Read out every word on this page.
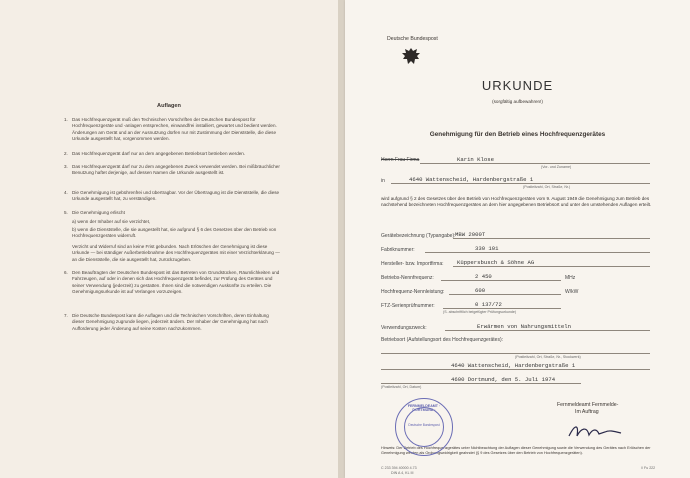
Auflagen
1. Das Hochfrequenzgerät muß den Technischen Vorschriften der Deutschen Bundespost für Hochfrequenzgeräte und -anlagen entsprechen, einwandfrei installiert, gewartet und bedient werden. Änderungen am Gerät und an der Ausnutzung dürfen nur mit Zustimmung der Dienststelle, die diese Urkunde ausgestellt hat, vorgenommen werden.
2. Das Hochfrequenzgerät darf nur an dem angegebenen Betriebsort betrieben werden.
3. Das Hochfrequenzgerät darf nur zu dem angegebenen Zweck verwendet werden. Bei mißbräuchlicher Benutzung haftet derjenige, auf dessen Namen die Urkunde ausgestellt ist.
4. Die Genehmigung ist gebührenfrei und übertragbar. Vor der Übertragung ist die Dienststelle, die diese Urkunde ausgestellt hat, zu verständigen.
5. Die Genehmigung erlischt
a) wenn der Inhaber auf sie verzichtet,
b) wenn die Dienststelle, die sie ausgestellt hat, sie aufgrund § 6 des Gesetzes über den Betrieb von Hochfrequenzgeräten widerruft.
Verzicht und Widerruf sind an keine Frist gebunden. Nach Erlöschen der Genehmigung ist diese Urkunde — bei ständiger Außerbetriebnahme des Hochfrequenzgerätes mit einer Verzichterklärung — an die Dienststelle, die sie ausgestellt hat, zurückzugeben.
6. Den Beauftragten der Deutschen Bundespost ist das Betreten von Grundstücken, Räumlichkeiten und Fahrzeugen, auf oder in denen sich das Hochfrequenzgerät befindet, zur Prüfung des Gerätes und seiner Verwendung (jederzeit) zu gestatten. Ihnen sind die notwendigen Auskünfte zu erteilen. Die Genehmigungsurkunde ist auf Verlangen vorzuzeigen.
7. Die Deutsche Bundespost kann die Auflagen und die Technischen Vorschriften, deren Einhaltung dieser Genehmigung zugrunde liegen, jederzeit ändern. Der Inhaber der Genehmigung hat nach Aufforderung jeder Änderung auf seine Kosten nachzukommen.
Deutsche Bundespost
URKUNDE
(sorgfältig aufbewahren!)
Genehmigung für den Betrieb eines Hochfrequenzgerätes
Herrn Frau Firma	Karin Klose
(Vor- und Zuname)
in	4640 Wattenscheid, Hardenbergstraße 1
(Postleitzahl, Ort, Straße, Nr.)
wird aufgrund § 2 des Gesetzes über den Betrieb von Hochfrequenzgeräten vom 9. August 1949 die Genehmigung zum Betrieb des nachstehend bezeichneten Hochfrequenzgerätes an dem hier angegebenen Betriebsort und unter den umstehenden Auflagen erteilt.
Gerätebezeichnung (Typangabe): MBW 2000T
Fabriknummer:	330 101
Hersteller- bzw. Importfirma: Küppersbusch & Söhne AG
Betriebs-Nennfrequenz:	2 450	MHz
Hochfrequenz-Nennleistung:	600	W/kW
FTZ-Serienprüfnummer:	0 137/72
(S. abschriftlich beigefügter Prüfungsurkunde)
Verwendungszweck:	Erwärmen von Nahrungsmitteln
Betriebsort (Aufstellungsort des Hochfrequenzgerätes):
(Postleitzahl, Ort, Straße, Nr., Stockwerk)
4640 Wattenscheid, Hardenbergstraße 1
4600 Dortmund, den 5. Juli 1974
(Postleitzahl, Ort, Datum)
Fernmeldeamt Fernmelde-
Im Auftrag
Hinweis: Der Betrieb des Hochfrequenzgerätes unter Nichtbeachtung der Auflagen dieser Genehmigung sowie die Verwendung des Gerätes nach Erlöschen der Genehmigung werden als Ordnungswidrigkeit geahndet (§ 9 des Gesetzes über den Betrieb von Hochfrequenzgeräten).
C 233 394 40000 4.73
DIN A 4, KL III
// Fu 222
FERNMELDEAMT · DORTMUND ·
Deutsche Bundespost
